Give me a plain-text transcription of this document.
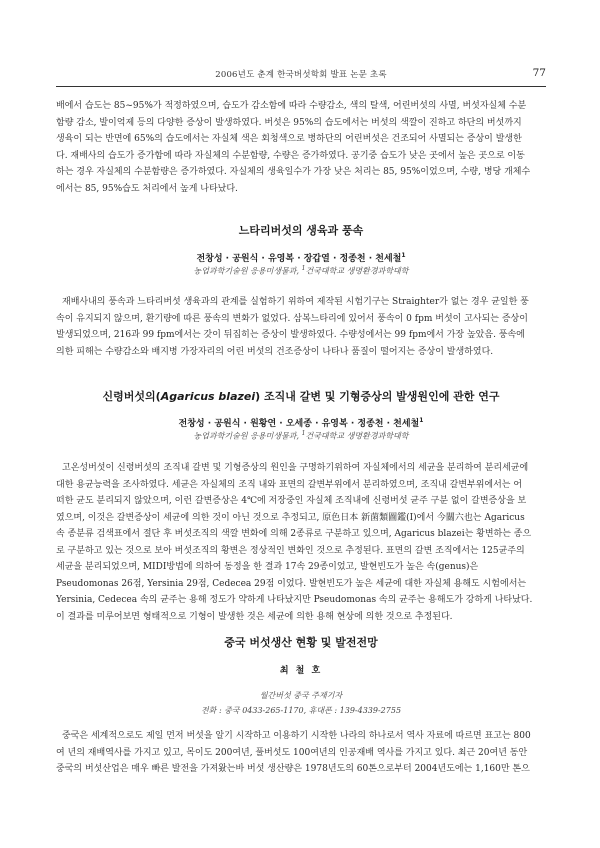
2006년도 춘계 한국버섯학회 발표 논문 초록	77
배에서 습도는 85~95%가 적정하였으며, 습도가 감소함에 따라 수량감소, 색의 탈색, 어린버섯의 사멸, 버섯자실체 수분
함량 감소, 발이억제 등의 다양한 증상이 발생하였다. 버섯은 95%의 습도에서는 버섯의 색깔이 진하고 하단의 버섯까지
생육이 되는 반면에 65%의 습도에서는 자실체 색은 회청색으로 병하단의 어린버섯은 건조되어 사멸되는 증상이 발생한
다. 재배사의 습도가 증가함에 따라 자실체의 수분함량, 수량은 증가하였다. 공기중 습도가 낮은 곳에서 높은 곳으로 이동
하는 경우 자실체의 수분함량은 증가하였다. 자실체의 생육일수가 가장 낮은 처리는 85, 95%이었으며, 수량, 병당 개체수
에서는 85, 95%습도 처리에서 높게 나타났다.
느타리버섯의 생육과 풍속
전창성 · 공원식 · 유영복 · 장갑열 · 정종천 · 천세철$^1$
농업과학기술원 응용미생물과, $^1$건국대학교 생명환경과학대학
재배사내의 풍속과 느타리버섯 생육과의 관계를 실험하기 위하여 제작된 시험기구는 Straighter가 없는 경우 균일한 풍
속이 유지되지 않으며, 환기량에 따른 풍속의 변화가 없었다. 삼복느타리에 있어서 풍속이 0 fpm 버섯이 고사되는 증상이
발생되었으며, 216과 99 fpm에서는 갓이 뒤집히는 증상이 발생하였다. 수량성에서는 99 fpm에서 가장 높았음. 풍속에
의한 피해는 수량감소와 배지병 가장자리의 어린 버섯의 건조증상이 나타나 품질이 떨어지는 증상이 발생하였다.
신령버섯의(Agaricus blazei) 조직내 갈변 및 기형증상의 발생원인에 관한 연구
전창성 · 공원식 · 원황연 · 오세종 · 유영복 · 정종천 · 천세철$^1$
농업과학기술원 응용미생물과, $^1$건국대학교 생명환경과학대학
고온성버섯이 신령버섯의 조직내 갈변 및 기형증상의 원인을 구명하기위하여 자실체에서의 세균을 분리하여 분리세균에
대한 용균능력을 조사하였다. 세균은 자실체의 조직 내와 표면의 갈변부위에서 분리하였으며, 조직내 갈변부위에서는 어
떠한 균도 분리되지 않았으며, 이런 갈변증상은 4℃에 저장중인 자실체 조직내에 신령버섯 균주 구분 없이 갈변증상을 보
였으며, 이것은 갈변증상이 세균에 의한 것이 아닌 것으로 추정되고, 原色日本 新菌類圖鑑(Ⅰ)에서 今關六也는 Agaricus
속 종분류 검색표에서 절단 후 버섯조직의 색깔 변화에 의해 2종류로 구분하고 있으며, Agaricus blazei는 황변하는 종으
로 구분하고 있는 것으로 보아 버섯조직의 황변은 정상적인 변화인 것으로 추정된다. 표면의 갈변 조직에서는 125균주의
세균을 분리되었으며, MIDI방법에 의하여 동정을 한 결과 17속 29종이었고, 발현빈도가 높은 속(genus)은
Pseudomonas 26점, Yersinia 29점, Cedecea 29점 이었다. 발현빈도가 높은 세균에 대한 자실체 용해도 시험에서는
Yersinia, Cedecea 속의 균주는 용해 정도가 약하게 나타났지만 Pseudomonas 속의 균주는 용해도가 강하게 나타났다.
이 결과를 미루어보면 형태적으로 기형이 발생한 것은 세균에 의한 용해 현상에 의한 것으로 추정된다.
중국 버섯생산 현황 및 발전전망
최 철 호
월간버섯 중국 주재기자
전화 : 중국 0433-265-1170, 휴대폰 : 139-4339-2755
중국은 세계적으로도 제일 먼저 버섯을 알기 시작하고 이용하기 시작한 나라의 하나로서 역사 자료에 따르면 표고는 800
여 년의 재배역사를 가지고 있고, 목이도 200여년, 풀버섯도 100여년의 인공재배 역사를 가지고 있다. 최근 20여년 동안
중국의 버섯산업은 매우 빠른 발전을 가져왔는바 버섯 생산량은 1978년도의 60톤으로부터 2004년도에는 1,160만 톤으
